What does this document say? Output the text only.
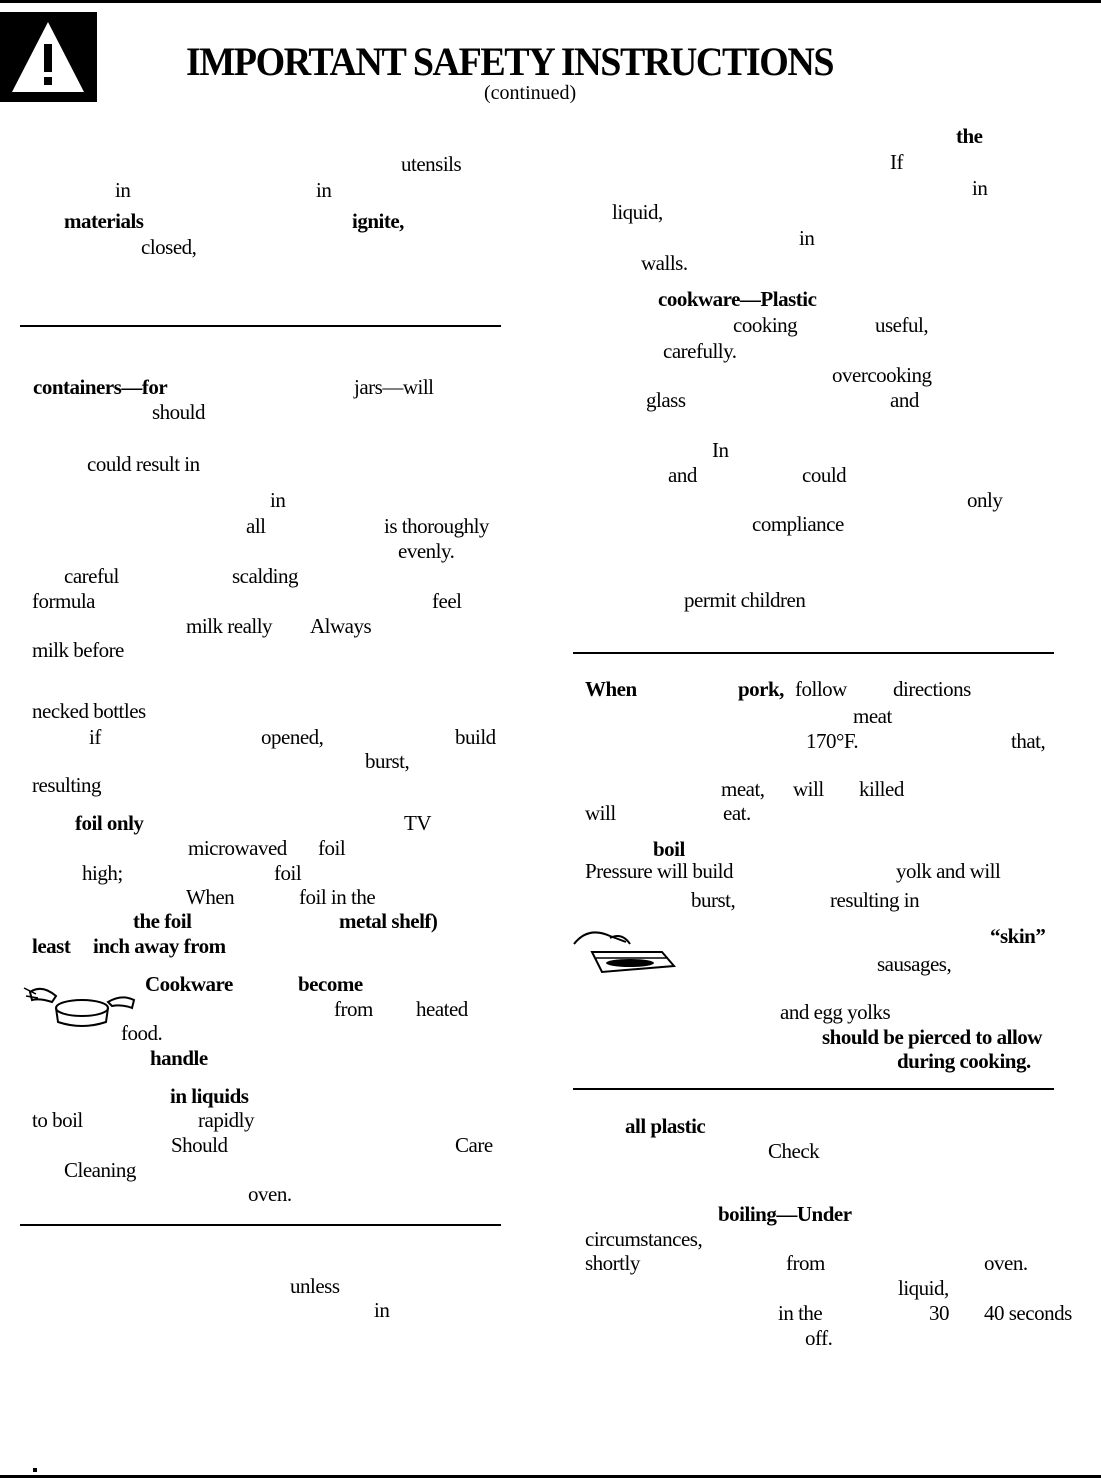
IMPORTANT SAFETY INSTRUCTIONS
(continued)
the
utensils	If
in	in	in
materials	ignite,	liquid,
closed,	in
walls.
cookware—Plastic
cooking	useful,
carefully.
containers—for	jars—will	overcooking
should	glass	and
In
could result in	and	could
in	only
all	is thoroughly	compliance
evenly.
careful	scalding
formula	feel	permit children
milk really Always
milk before
When	pork, follow directions
necked bottles	meat
if	opened,	build	170°F.	that,
burst,
resulting	meat, will killed
foil only	TV	will	eat.
microwaved foil	boil
high;	foil	Pressure will build	yolk and will
When	foil in the	burst,	resulting in
the foil	metal shelf)
least inch away from	“skin”
sausages,
Cookware	become
from heated	and egg yolks
food.	should be pierced to allow
handle	during cooking.
in liquids
to boil	rapidly	all plastic
Should	Care	Check
Cleaning
oven.
boiling—Under
circumstances,
shortly	from	oven.
unless	liquid,
in	in the	30 40 seconds
off.
